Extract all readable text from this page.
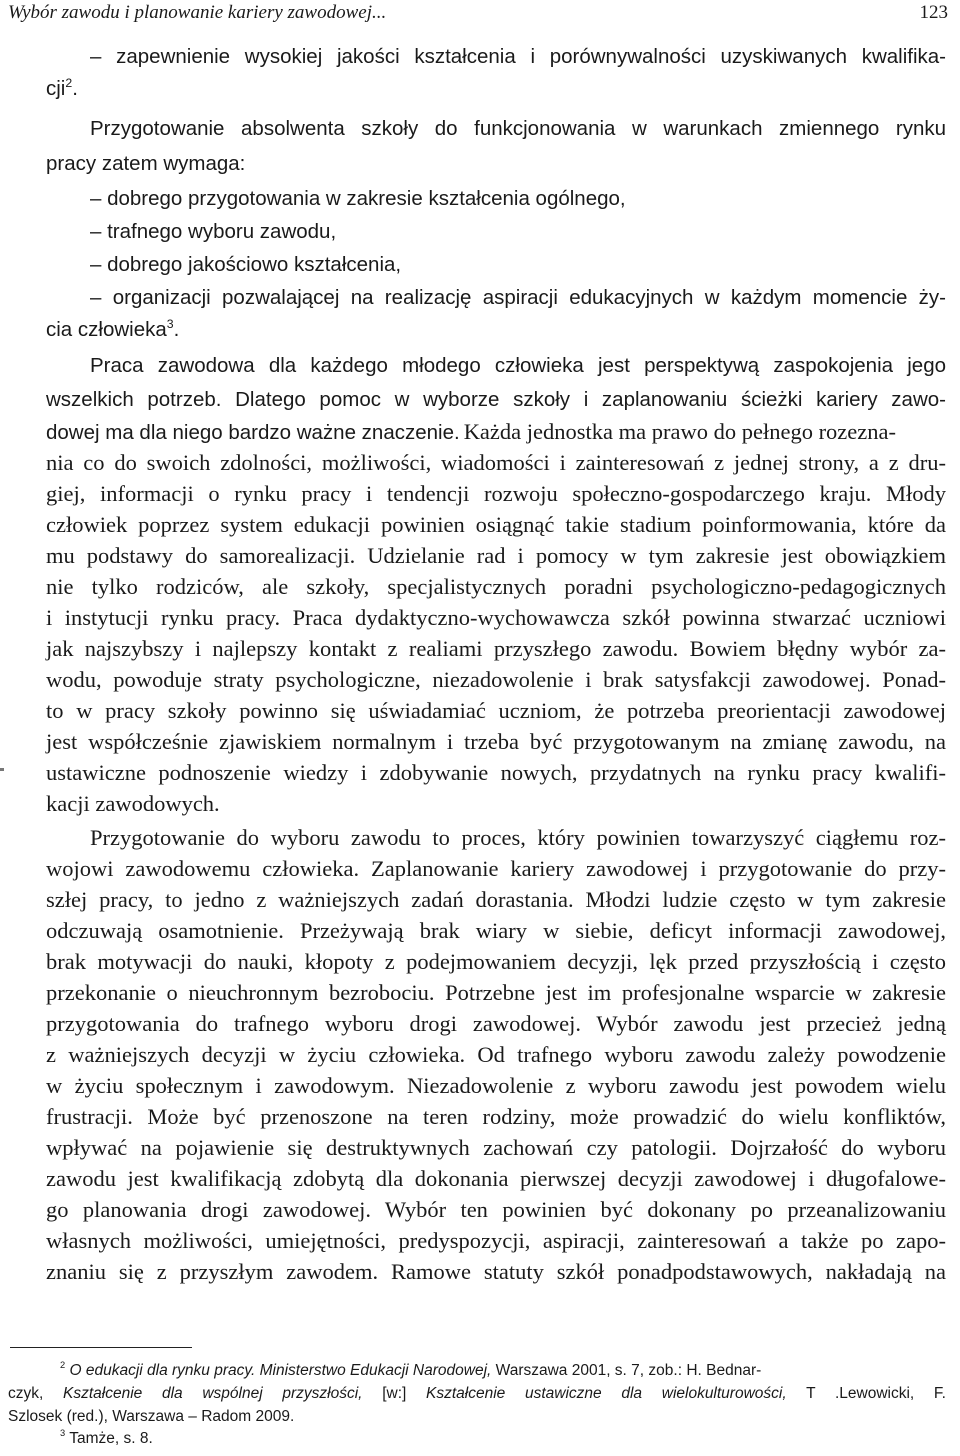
Wybór zawodu i planowanie kariery zawodowej...	123
– zapewnienie wysokiej jakości kształcenia i porównywalności uzyskiwanych kwalifika-
cji$^2$.
Przygotowanie absolwenta szkoły do funkcjonowania w warunkach zmiennego rynku
pracy zatem wymaga:
– dobrego przygotowania w zakresie kształcenia ogólnego,
– trafnego wyboru zawodu,
– dobrego jakościowo kształcenia,
– organizacji pozwalającej na realizację aspiracji edukacyjnych w każdym momencie ży-
cia człowieka$^3$.
Praca zawodowa dla każdego młodego człowieka jest perspektywą zaspokojenia jego
wszelkich potrzeb. Dlatego pomoc w wyborze szkoły i zaplanowaniu ścieżki kariery zawo-
dowej ma dla niego bardzo ważne znaczenie. Każda jednostka ma prawo do pełnego rozezna-
nia co do swoich zdolności, możliwości, wiadomości i zainteresowań z jednej strony, a z dru-
giej, informacji o rynku pracy i tendencji rozwoju społeczno-gospodarczego kraju. Młody
człowiek poprzez system edukacji powinien osiągnąć takie stadium poinformowania, które da
mu podstawy do samorealizacji. Udzielanie rad i pomocy w tym zakresie jest obowiązkiem
nie tylko rodziców, ale szkoły, specjalistycznych poradni psychologiczno-pedagogicznych
i instytucji rynku pracy. Praca dydaktyczno-wychowawcza szkół powinna stwarzać uczniowi
jak najszybszy i najlepszy kontakt z realiami przyszłego zawodu. Bowiem błędny wybór za-
wodu, powoduje straty psychologiczne, niezadowolenie i brak satysfakcji zawodowej. Ponad-
to w pracy szkoły powinno się uświadamiać uczniom, że potrzeba preorientacji zawodowej
jest współcześnie zjawiskiem normalnym i trzeba być przygotowanym na zmianę zawodu, na
ustawiczne podnoszenie wiedzy i zdobywanie nowych, przydatnych na rynku pracy kwalifi-
kacji zawodowych.
Przygotowanie do wyboru zawodu to proces, który powinien towarzyszyć ciągłemu roz-
wojowi zawodowemu człowieka. Zaplanowanie kariery zawodowej i przygotowanie do przy-
szłej pracy, to jedno z ważniejszych zadań dorastania. Młodzi ludzie często w tym zakresie
odczuwają osamotnienie. Przeżywają brak wiary w siebie, deficyt informacji zawodowej,
brak motywacji do nauki, kłopoty z podejmowaniem decyzji, lęk przed przyszłością i często
przekonanie o nieuchronnym bezrobociu. Potrzebne jest im profesjonalne wsparcie w zakresie
przygotowania do trafnego wyboru drogi zawodowej. Wybór zawodu jest przecież jedną
z ważniejszych decyzji w życiu człowieka. Od trafnego wyboru zawodu zależy powodzenie
w życiu społecznym i zawodowym. Niezadowolenie z wyboru zawodu jest powodem wielu
frustracji. Może być przenoszone na teren rodziny, może prowadzić do wielu konfliktów,
wpływać na pojawienie się destruktywnych zachowań czy patologii. Dojrzałość do wyboru
zawodu jest kwalifikacją zdobytą dla dokonania pierwszej decyzji zawodowej i długofalowe-
go planowania drogi zawodowej. Wybór ten powinien być dokonany po przeanalizowaniu
własnych możliwości, umiejętności, predyspozycji, aspiracji, zainteresowań a także po zapo-
znaniu się z przyszłym zawodem. Ramowe statuty szkół ponadpodstawowych, nakładają na
$^2$ O edukacji dla rynku pracy. Ministerstwo Edukacji Narodowej, Warszawa 2001, s. 7, zob.: H. Bednar-
czyk, Kształcenie dla wspólnej przyszłości, [w:] Kształcenie ustawiczne dla wielokulturowości, T .Lewowicki, F.
Szlosek (red.), Warszawa – Radom 2009.
$^3$ Tamże, s. 8.
